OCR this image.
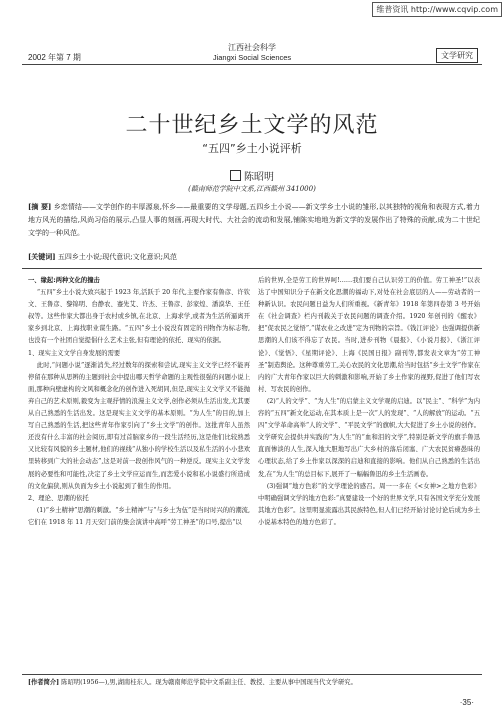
维普资讯 http://www.cqvip.com
2002 年第 7 期
江西社会科学
Jiangxi Social Sciences	文学研究
二十世纪乡土文学的风范
“五四”乡土小说评析
陈昭明
(赣南师范学院中文系,江西赣州 341000)
[摘 要] 乡恋情结——文学创作的丰厚源泉,怀乡——最重要的文学母题,五四乡土小说——新文学乡土小说的雏形,以其独特的视角和表现方式,着力地方风光的描绘,风尚习俗的展示,凸显人事的刻画,再现大时代、大社会的流动和发展,铺陈实地地为新文学的发展作出了特殊的贡献,成为二十世纪文学的一种风范。
[关键词] 五四乡土小说;现代意识;文化意识;风范

一、缘起:两种文化的撞击

“五四”乡土小说大致兴起于 1923 年,活跃于 20 年代,主要作家有鲁彦、许钦文、王鲁彦、黎锦明、台静农、蹇先艾、许杰、王鲁彦、彭家煌、潘漠华、王任叔等。这些作家大都出身于农村或乡镇,在北京、上海求学,或者为生活所逼离开家乡到北京、上海找职业谋生路。“五四”乡土小说没有固定的刊物作为标志物,也没有一个社团自觉提倡什么艺术主张,但有理论的依托、现实的依据。

1、现实主义文学自身发展的需要

此时,“问题小说”逐渐消失,经过数年的探索和尝试,现实主义文学已经不能再停留在那种从思辨的主题到社会中提出哪天哲学命题的主观性很强的问题小说上面,那种向壁虚构的文风和概念化的创作进入死胡同,但是,现实主义文学又不能抛弃自己的艺术原则,毅变为主观抒情的浪漫主义文学,创作必须从生活出发,尤其要从自己熟悉的生活出发。这是现实主义文学的基本原则。“为人生”的目的,加上写自己熟悉的生活,把这些青年作家引向了“乡土文学”的创作。这批青年人虽然还没有什么丰富的社会阅历,即有过首脑家乡的一段生活经历,这是他们比较熟悉又比较有风貌的乡土题材,他们的视线“从独小的学校生活以及私生活的小小悲欢里转移到广大的社会动态”,这是对前一段创作风气的一种逆反。现实主义文学发展的必要性和可能性,决定了乡土文学应运而生,而恋爱小说和私小说盛行所造成的文化偏狭,则从负面为乡土小说起到了催生的作用。

2、理论、思潮的依托

(1)“乡土精神”思潮的刺激。“乡土精神”与“与乡土为伍”是当时时兴的的潮流,它们在 1918 年 11 月天安门前的集会演讲中高呼“劳工神圣”的口号,提出“以

后的世界,全是劳工的世界呵!……我们要自己认识劳工的价值。劳工神圣!”以表达了中国知识分子在新文化思潮的福动下,对处在社会底层的人——劳动者的一种新认识。农民问题日益为人们所重视。《新青年》1918 年第四卷第 3 号开始在《社会调查》栏内刊载关于农民问题的调查介绍。1920 年创刊的《醒农》把“促农民之觉悟”,“谋农业之改进”定为刊物的宗旨。《钱江评论》也强调提供新思潮的人们该不得忘了农民。当时,进步刊物《晨报》、《小说月报》、《浙江评论》、《觉悟》、《星期评论》、上海《民国日报》副刊等,都发表文章为“劳工神圣”制造舆论。这种尊重劳工,关心农民的文化思潮,给当时包括“乡土文学”作家在内的广大青年作家以巨大的刺激和影响,开始了乡土作家的视野,促进了他们写农村、写农民的创作。

(2)“人的文学”、“为人生”的启蒙主义文学观的启迪。以“民主”、“科学”为内容的“五四”新文化运动,在其本质上是一次“人的发现”、“人的解放”的运动。“五四”文学革命高举“人的文学”、“平民文学”的旗帜,大大促进了乡土小说的创作。文学研究会提供并实践的“为人生”的“血和泪的文学”,特别是新文学的旗手鲁迅直面惨淡的人生,深入地大胆地写出广大乡村的落后闭塞、广大农民贫瘠愚昧的心理状态,给了乡土作家以深深的启迪和直接的影响。他们从自己熟悉的生活出发,在“为人生”的总目标下,展开了一幅幅鲁迅的乡土生活画卷。

(3)强调“地方色彩”的文学理论的感召。周一一多在《<女神>之地方色彩》中明确强调文学的地方色彩:“真要建设一个好的世界文学,只有各国文学充分发展其地方色彩”。这里明显流露出其民族特色,但人们已经开始讨论讨论后成为乡土小说基本特色的地方色彩了。

[作者简介] 陈昭明(1956—),男,湖南桂东人。现为赣南师范学院中文系副主任、教授、主要从事中国现当代文学研究。
·35·
